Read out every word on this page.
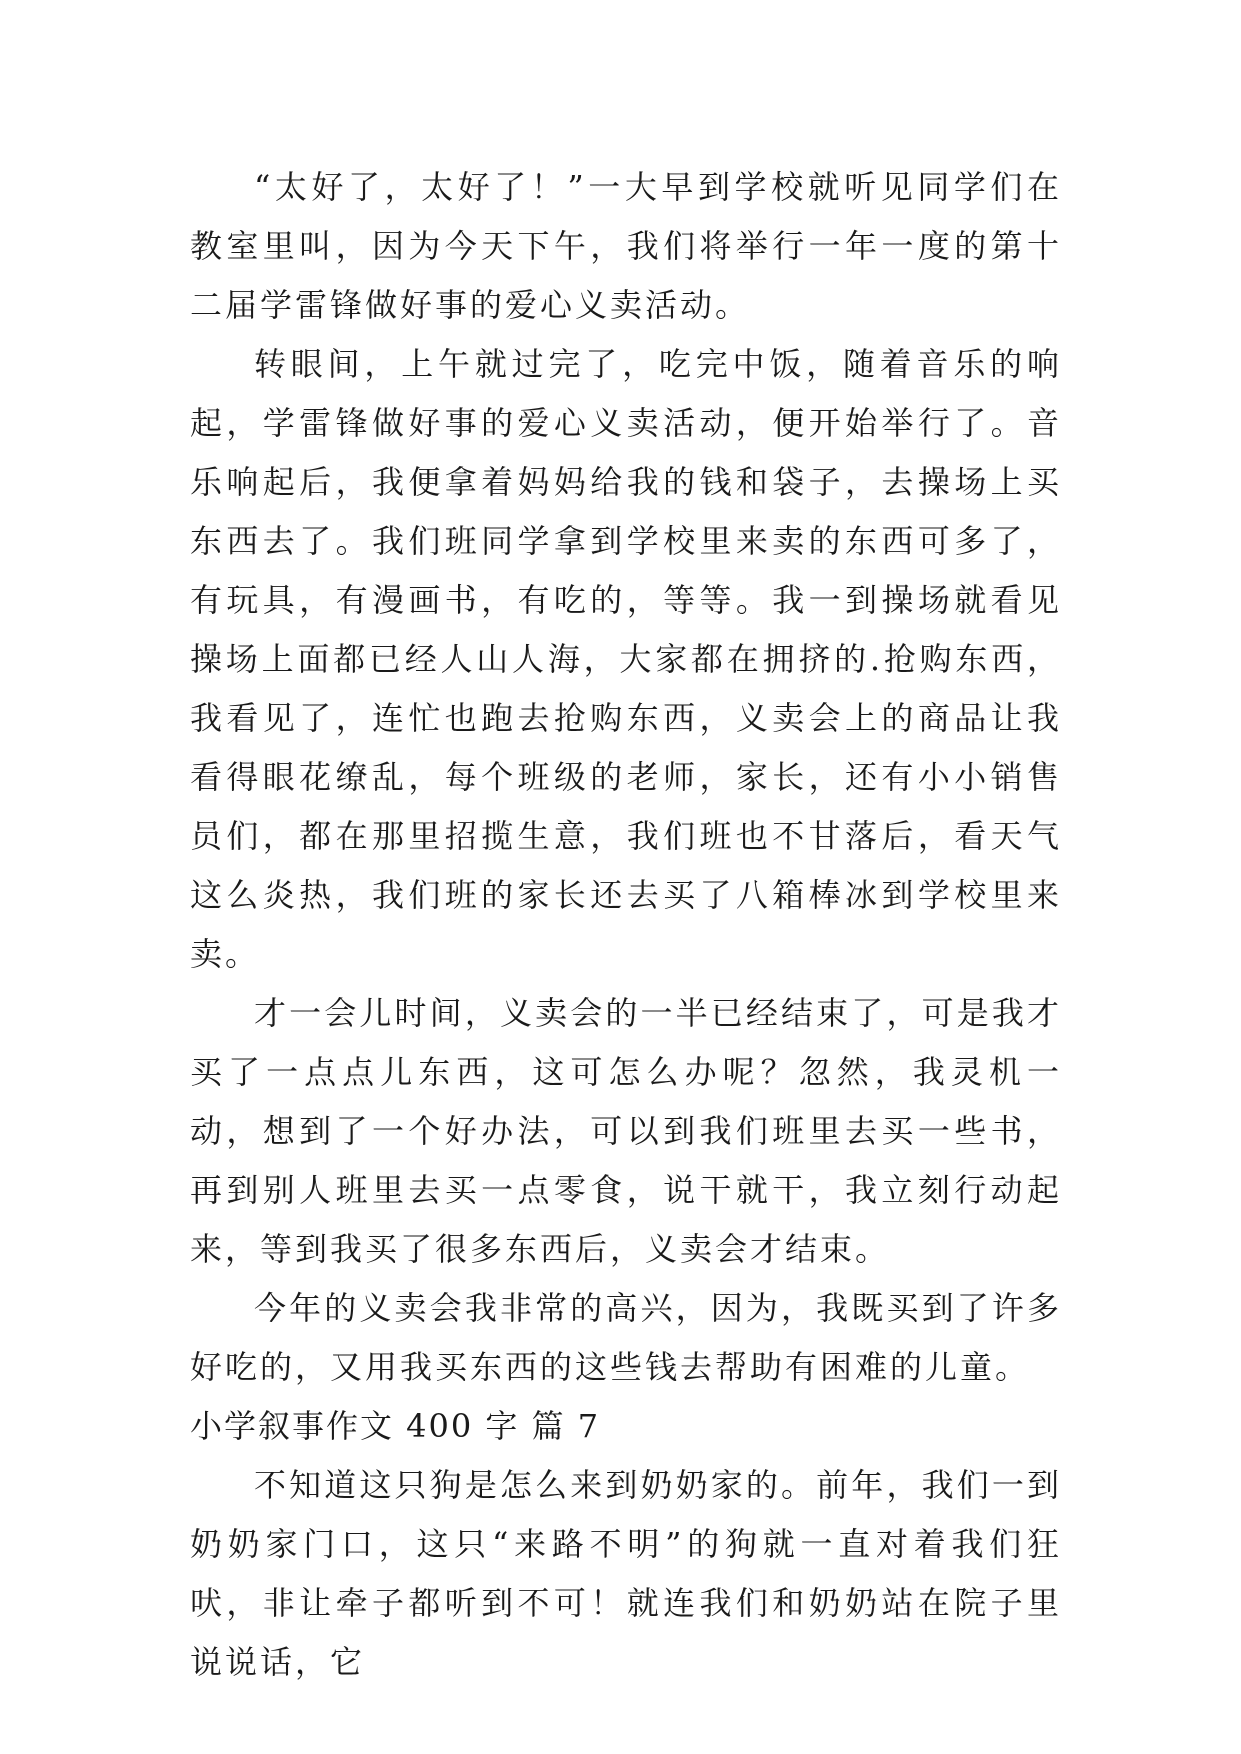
“太好了，太好了！”一大早到学校就听见同学们在教室里叫，因为今天下午，我们将举行一年一度的第十二届学雷锋做好事的爱心义卖活动。

转眼间，上午就过完了，吃完中饭，随着音乐的响起，学雷锋做好事的爱心义卖活动，便开始举行了。音乐响起后，我便拿着妈妈给我的钱和袋子，去操场上买东西去了。我们班同学拿到学校里来卖的东西可多了，有玩具，有漫画书，有吃的，等等。我一到操场就看见操场上面都已经人山人海，大家都在拥挤的.抢购东西，我看见了，连忙也跑去抢购东西，义卖会上的商品让我看得眼花缭乱，每个班级的老师，家长，还有小小销售员们，都在那里招揽生意，我们班也不甘落后，看天气这么炎热，我们班的家长还去买了八箱棒冰到学校里来卖。

才一会儿时间，义卖会的一半已经结束了，可是我才买了一点点儿东西，这可怎么办呢？忽然，我灵机一动，想到了一个好办法，可以到我们班里去买一些书，再到别人班里去买一点零食，说干就干，我立刻行动起来，等到我买了很多东西后，义卖会才结束。

今年的义卖会我非常的高兴，因为，我既买到了许多好吃的，又用我买东西的这些钱去帮助有困难的儿童。

小学叙事作文 400 字 篇 7

不知道这只狗是怎么来到奶奶家的。前年，我们一到奶奶家门口，这只“来路不明”的狗就一直对着我们狂吠，非让牵子都听到不可！就连我们和奶奶站在院子里说说话，它
